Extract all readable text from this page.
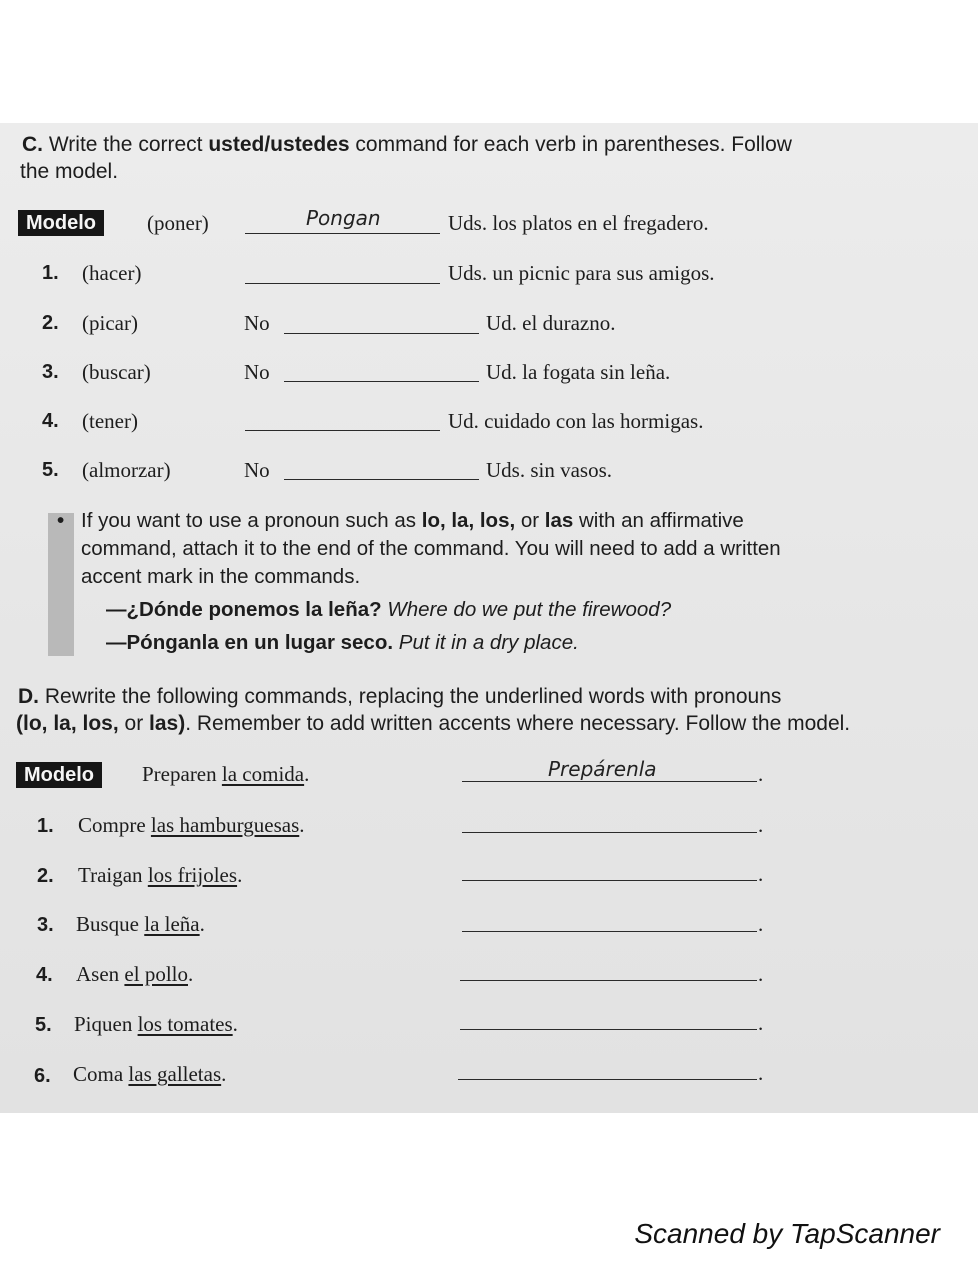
C. Write the correct usted/ustedes command for each verb in parentheses. Follow
the model.
Modelo	(poner)	Pongan	Uds. los platos en el fregadero.
1. (hacer)	Uds. un picnic para sus amigos.
2. (picar)	No	Ud. el durazno.
3. (buscar)	No	Ud. la fogata sin leña.
4. (tener)	Ud. cuidado con las hormigas.
5. (almorzar)	No	Uds. sin vasos.
• If you want to use a pronoun such as lo, la, los, or las with an affirmative
command, attach it to the end of the command. You will need to add a written
accent mark in the commands.
—¿Dónde ponemos la leña? Where do we put the firewood?
—Pónganla en un lugar seco. Put it in a dry place.
D. Rewrite the following commands, replacing the underlined words with pronouns
(lo, la, los, or las). Remember to add written accents where necessary. Follow the model.
Modelo	Preparen la comida.	Prepárenla	.
1. Compre las hamburguesas.	.
2. Traigan los frijoles.	.
3. Busque la leña.	.
4. Asen el pollo.	.
5. Piquen los tomates.	.
6. Coma las galletas.	.
Scanned by TapScanner
